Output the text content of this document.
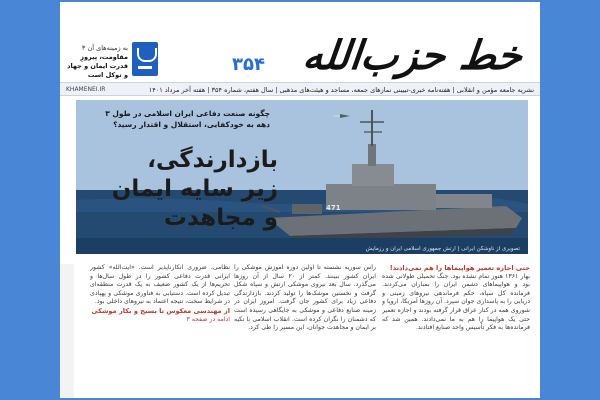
خط حزب‌الله
۳۵۴
به زمینه‌های آن ۳
مقاومت، پیروزِ قدرت ایمان و جهاد و توکل است
نشریه جامعه مؤمن و انقلابی | هفته‌نامه خبری-تبیینی نمازهای جمعه، مساجد و هیئت‌های مذهبی | سال هفتم، شماره ۳۵۴ | هفته آخر مرداد ۱۴۰۱
KHAMENEI.IR
471
چگونه صنعت دفاعی ایران اسلامی در طول ۳ دهه به خودکفایی، استقلال و اقتدار رسید؟
بازدارندگی،
زیر سایه ایمان
و مجاهدت
تصویری از ناوشکن ایرانی | ارتش جمهوری اسلامی ایران و رزمایش
حتی اجازه تعمیر هواپیماها را هم نمی‌دادند!
بهار ۱۳۶۱ هنوز تمام نشده بود. جنگ تحمیلی طولانی شده بود و هواپیماهای دشمن ایران را بمباران می‌کردند. فرمانده کل سپاه، حکم فرماندهی نیروهای زمینی و دریایی را به پاسداری جوان سپرد. آن روزها آمریکا، اروپا و شوروی همه در کنار عراق قرار گرفته بودند و اجازه تعمیر حتی یک هواپیما را هم به ما نمی‌دادند. همین شد که فرمانده‌ها به فکر تأسیس واحد صنایع افتادند.
رأس سوریه نشسته تا اولین دوره آموزش موشکی را ایران کشور ببینند. کمتر از ۲۰ سال از آن روزها می‌گذرد. سال بعد نیروی موشکی ارتش و سپاه شکل گرفت و نخستین موشک‌ها را تولید کردند. بازدارندگی دفاعی زیاد برای کشور جان گرفت. امروز ایران در زمینه صنایع دفاعی و موشکی به جایگاهی رسیده است که دشمنان را نگران کرده است. انقلاب اسلامی با تکیه بر ایمان و مجاهدت جوانان، این مسیر را طی کرد.
نظامی، ضروری انکارناپذیر است. «آیت‌الله» کشور ایرانی قدرت دفاعی کشور را در طول سال‌ها و تحریم‌ها از یک کشور ضعیف به یک قدرت منطقه‌ای تبدیل کرده است. دستیابی به فناوری موشکی و پهپادی در شرایط سخت، نتیجه اعتماد به نیروهای داخلی بود.
از مهندسی معکوس تا بسیج و بکار موشکی
ادامه در صفحه ۳
